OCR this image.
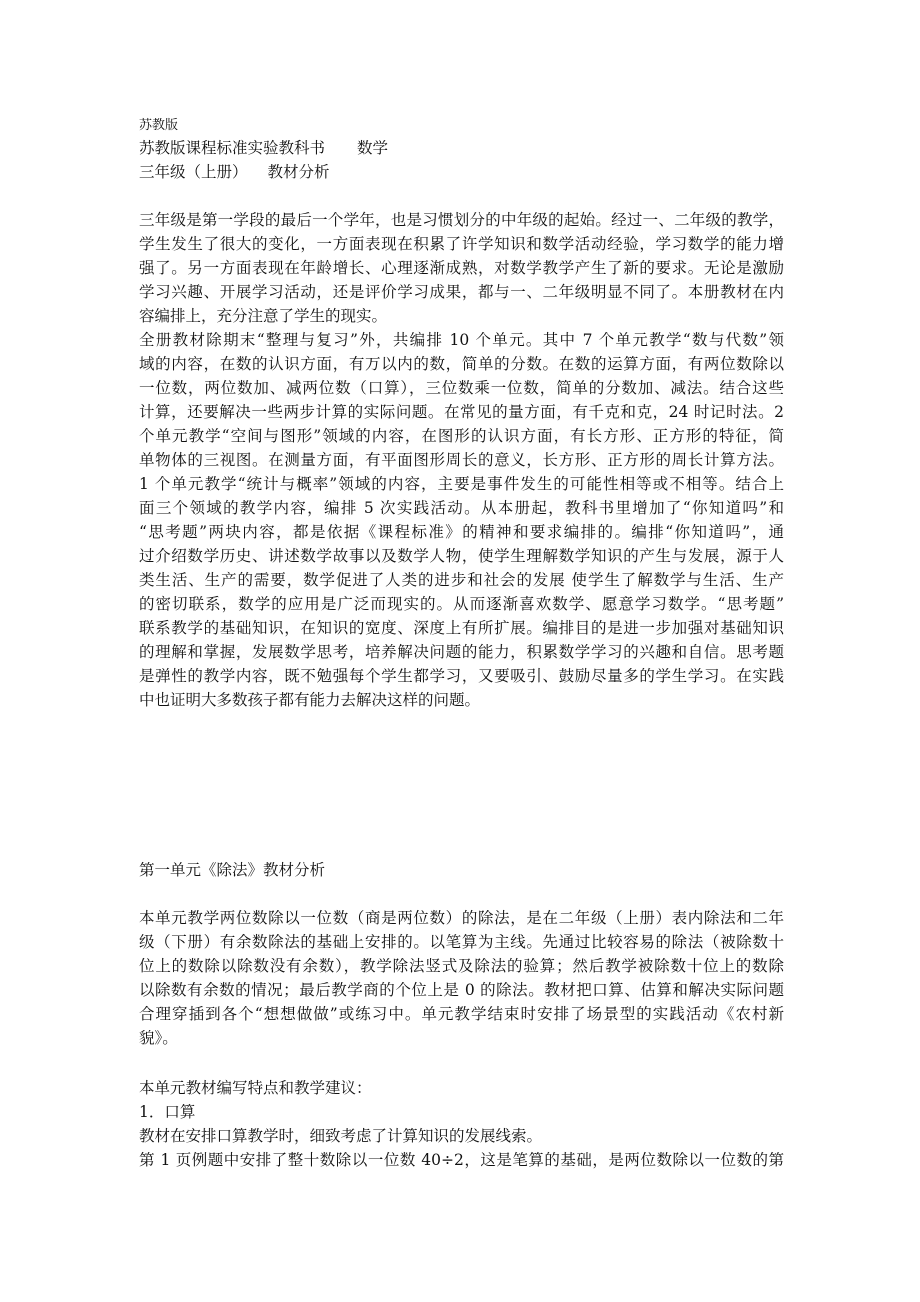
苏教版
苏教版课程标准实验教科书 数学
三年级（上册） 教材分析
三年级是第一学段的最后一个学年，也是习惯划分的中年级的起始。经过一、二年级的教学，
学生发生了很大的变化，一方面表现在积累了许学知识和数学活动经验，学习数学的能力增
强了。另一方面表现在年龄增长、心理逐渐成熟，对数学教学产生了新的要求。无论是激励
学习兴趣、开展学习活动，还是评价学习成果，都与一、二年级明显不同了。本册教材在内
容编排上，充分注意了学生的现实。
全册教材除期末“整理与复习”外，共编排 10 个单元。其中 7 个单元教学“数与代数”领
域的内容，在数的认识方面，有万以内的数，简单的分数。在数的运算方面，有两位数除以
一位数，两位数加、减两位数（口算），三位数乘一位数，简单的分数加、减法。结合这些
计算，还要解决一些两步计算的实际问题。在常见的量方面，有千克和克，24 时记时法。2
个单元教学“空间与图形”领域的内容，在图形的认识方面，有长方形、正方形的特征，简
单物体的三视图。在测量方面，有平面图形周长的意义，长方形、正方形的周长计算方法。
1 个单元教学“统计与概率”领域的内容，主要是事件发生的可能性相等或不相等。结合上
面三个领域的教学内容，编排 5 次实践活动。从本册起，教科书里增加了“你知道吗”和
“思考题”两块内容，都是依据《课程标准》的精神和要求编排的。编排“你知道吗”，通
过介绍数学历史、讲述数学故事以及数学人物，使学生理解数学知识的产生与发展，源于人
类生活、生产的需要，数学促进了人类的进步和社会的发展 使学生了解数学与生活、生产
的密切联系，数学的应用是广泛而现实的。从而逐渐喜欢数学、愿意学习数学。“思考题”
联系教学的基础知识，在知识的宽度、深度上有所扩展。编排目的是进一步加强对基础知识
的理解和掌握，发展数学思考，培养解决问题的能力，积累数学学习的兴趣和自信。思考题
是弹性的教学内容，既不勉强每个学生都学习，又要吸引、鼓励尽量多的学生学习。在实践
中也证明大多数孩子都有能力去解决这样的问题。
第一单元《除法》教材分析
本单元教学两位数除以一位数（商是两位数）的除法，是在二年级（上册）表内除法和二年
级（下册）有余数除法的基础上安排的。以笔算为主线。先通过比较容易的除法（被除数十
位上的数除以除数没有余数），教学除法竖式及除法的验算；然后教学被除数十位上的数除
以除数有余数的情况；最后教学商的个位上是 0 的除法。教材把口算、估算和解决实际问题
合理穿插到各个“想想做做”或练习中。单元教学结束时安排了场景型的实践活动《农村新
貌》。
本单元教材编写特点和教学建议：
1．口算
教材在安排口算教学时，细致考虑了计算知识的发展线索。
第 1 页例题中安排了整十数除以一位数 40÷2，这是笔算的基础，是两位数除以一位数的第
